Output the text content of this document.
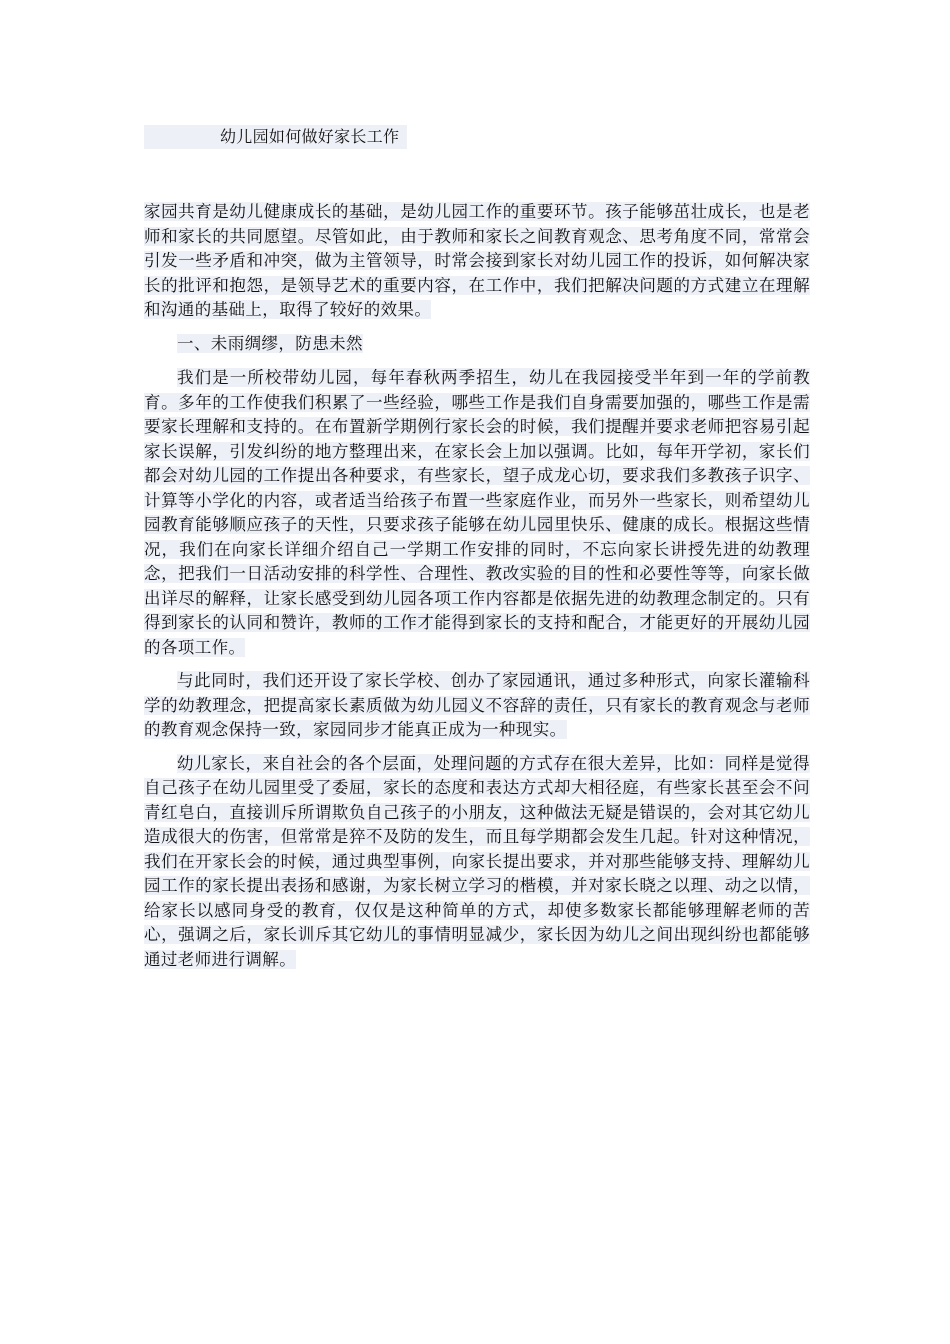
幼儿园如何做好家长工作

家园共育是幼儿健康成长的基础，是幼儿园工作的重要环节。孩子能够茁壮成长，也是老师和家长的共同愿望。尽管如此，由于教师和家长之间教育观念、思考角度不同，常常会引发一些矛盾和冲突，做为主管领导，时常会接到家长对幼儿园工作的投诉，如何解决家长的批评和抱怨，是领导艺术的重要内容，在工作中，我们把解决问题的方式建立在理解和沟通的基础上，取得了较好的效果。

一、未雨绸缪，防患未然

我们是一所校带幼儿园，每年春秋两季招生，幼儿在我园接受半年到一年的学前教育。多年的工作使我们积累了一些经验，哪些工作是我们自身需要加强的，哪些工作是需要家长理解和支持的。在布置新学期例行家长会的时候，我们提醒并要求老师把容易引起家长误解，引发纠纷的地方整理出来，在家长会上加以强调。比如，每年开学初，家长们都会对幼儿园的工作提出各种要求，有些家长，望子成龙心切，要求我们多教孩子识字、计算等小学化的内容，或者适当给孩子布置一些家庭作业，而另外一些家长，则希望幼儿园教育能够顺应孩子的天性，只要求孩子能够在幼儿园里快乐、健康的成长。根据这些情况，我们在向家长详细介绍自己一学期工作安排的同时，不忘向家长讲授先进的幼教理念，把我们一日活动安排的科学性、合理性、教改实验的目的性和必要性等等，向家长做出详尽的解释，让家长感受到幼儿园各项工作内容都是依据先进的幼教理念制定的。只有得到家长的认同和赞许，教师的工作才能得到家长的支持和配合，才能更好的开展幼儿园的各项工作。

与此同时，我们还开设了家长学校、创办了家园通讯，通过多种形式，向家长灌输科学的幼教理念，把提高家长素质做为幼儿园义不容辞的责任，只有家长的教育观念与老师的教育观念保持一致，家园同步才能真正成为一种现实。

幼儿家长，来自社会的各个层面，处理问题的方式存在很大差异，比如：同样是觉得自己孩子在幼儿园里受了委屈，家长的态度和表达方式却大相径庭，有些家长甚至会不问青红皂白，直接训斥所谓欺负自己孩子的小朋友，这种做法无疑是错误的，会对其它幼儿造成很大的伤害，但常常是猝不及防的发生，而且每学期都会发生几起。针对这种情况，我们在开家长会的时候，通过典型事例，向家长提出要求，并对那些能够支持、理解幼儿园工作的家长提出表扬和感谢，为家长树立学习的楷模，并对家长晓之以理、动之以情，给家长以感同身受的教育，仅仅是这种简单的方式，却使多数家长都能够理解老师的苦心，强调之后，家长训斥其它幼儿的事情明显减少，家长因为幼儿之间出现纠纷也都能够通过老师进行调解。
